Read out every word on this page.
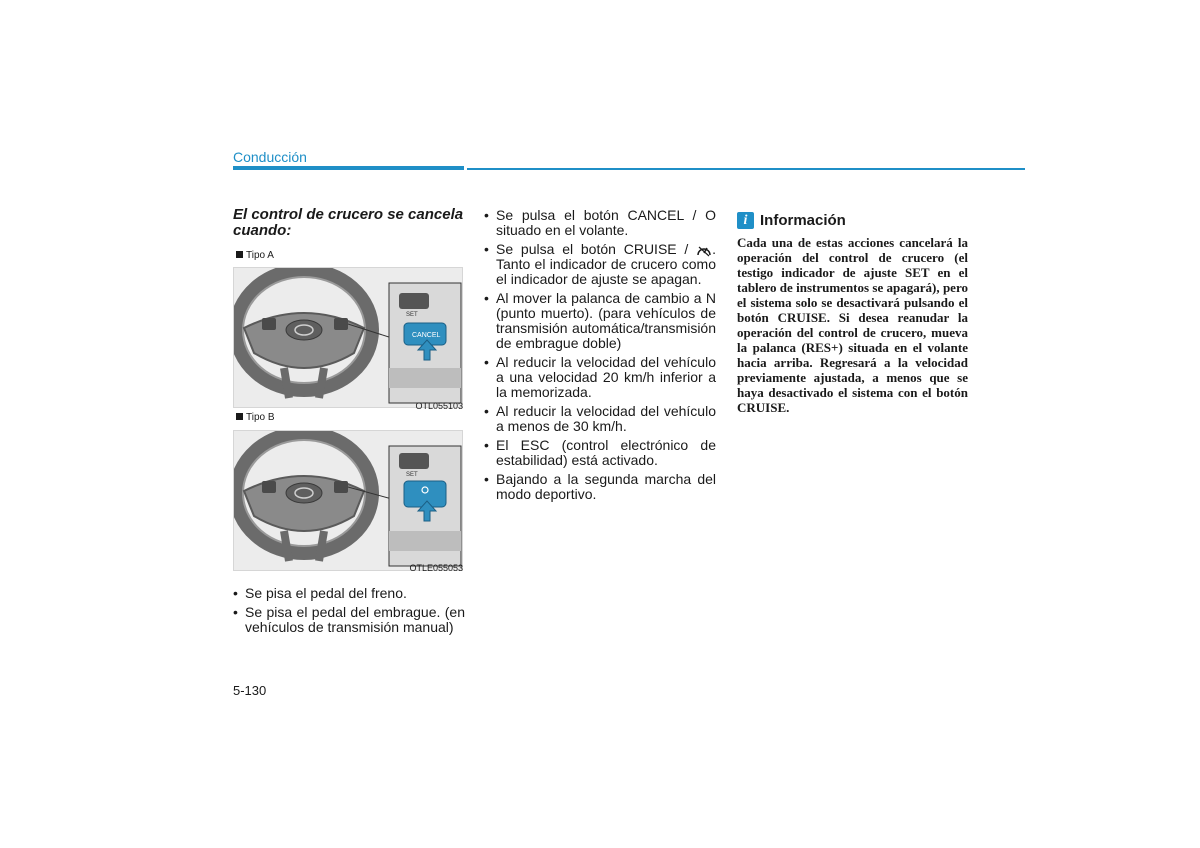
Conducción

El control de crucero se cancela cuando:

Tipo A
SET
CANCEL
OTL055103
Tipo B
SET
OTLE055053
• Se pisa el pedal del freno.
• Se pisa el pedal del embrague. (en vehículos de transmisión manual)
• Se pulsa el botón CANCEL / O situado en el volante.
• Se pulsa el botón CRUISE / . Tanto el indicador de crucero como el indicador de ajuste se apagan.
• Al mover la palanca de cambio a N (punto muerto). (para vehículos de transmisión automática/transmisión de embrague doble)
• Al reducir la velocidad del vehículo a una velocidad 20 km/h inferior a la memorizada.
• Al reducir la velocidad del vehículo a menos de 30 km/h.
• El ESC (control electrónico de estabilidad) está activado.
• Bajando a la segunda marcha del modo deportivo.
i Información

Cada una de estas acciones cancelará la operación del control de crucero (el testigo indicador de ajuste SET en el tablero de instrumentos se apagará), pero el sistema solo se desactivará pulsando el botón CRUISE. Si desea reanudar la operación del control de crucero, mueva la palanca (RES+) situada en el volante hacia arriba. Regresará a la velocidad previamente ajustada, a menos que se haya desactivado el sistema con el botón CRUISE.

5-130
